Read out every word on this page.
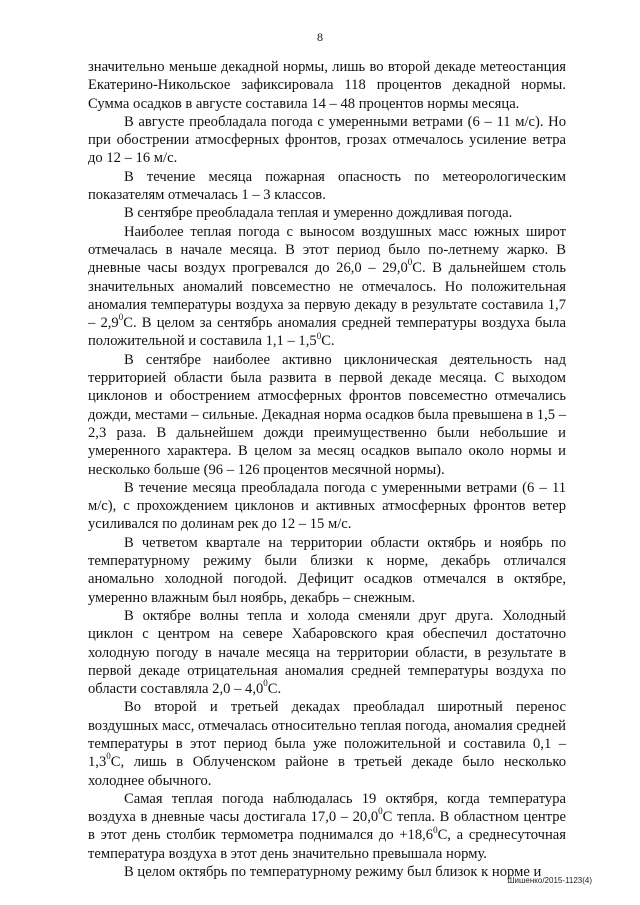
8

значительно меньше декадной нормы, лишь во второй декаде метеостанция Екатерино-Никольское зафиксировала 118 процентов декадной нормы. Сумма осадков в августе составила 14 – 48 процентов нормы месяца.

В августе преобладала погода с умеренными ветрами (6 – 11 м/с). Но при обострении атмосферных фронтов, грозах отмечалось усиление ветра до 12 – 16 м/с.

В течение месяца пожарная опасность по метеорологическим показателям отмечалась 1 – 3 классов.

В сентябре преобладала теплая и умеренно дождливая погода.

Наиболее теплая погода с выносом воздушных масс южных широт отмечалась в начале месяца. В этот период было по-летнему жарко. В дневные часы воздух прогревался до 26,0 – 29,0$^0$С. В дальнейшем столь значительных аномалий повсеместно не отмечалось. Но положительная аномалия температуры воздуха за первую декаду в результате составила $1,7 - 2,9^0С$. В целом за сентябрь аномалия средней температуры воздуха была положительной и составила $1,1 - 1,5^0С$.

В сентябре наиболее активно циклоническая деятельность над территорией области была развита в первой декаде месяца. С выходом циклонов и обострением атмосферных фронтов повсеместно отмечались дожди, местами – сильные. Декадная норма осадков была превышена в 1,5 – 2,3 раза. В дальнейшем дожди преимущественно были небольшие и умеренного характера. В целом за месяц осадков выпало около нормы и несколько больше (96 – 126 процентов месячной нормы).

В течение месяца преобладала погода с умеренными ветрами (6 – 11 м/с), с прохождением циклонов и активных атмосферных фронтов ветер усиливался по долинам рек до 12 – 15 м/с.

В четветом квартале на территории области октябрь и ноябрь по температурному режиму были близки к норме, декабрь отличался аномально холодной погодой. Дефицит осадков отмечался в октябре, умеренно влажным был ноябрь, декабрь – снежным.

В октябре волны тепла и холода сменяли друг друга. Холодный циклон с центром на севере Хабаровского края обеспечил достаточно холодную погоду в начале месяца на территории области, в результате в первой декаде отрицательная аномалия средней температуры воздуха по области составляла $2,0 - 4,0^0С$.

Во второй и третьей декадах преобладал широтный перенос воздушных масс, отмечалась относительно теплая погода, аномалия средней температуры в этот период была уже положительной и составила $0,1 - 1,3^0С$, лишь в Облученском районе в третьей декаде было несколько холоднее обычного.

Самая теплая погода наблюдалась 19 октября, когда температура воздуха в дневные часы достигала 17,0 – 20,0$^0$С тепла. В областном центре в этот день столбик термометра поднимался до $+18,6^0С$, а среднесуточная температура воздуха в этот день значительно превышала норму.

В целом октябрь по температурному режиму был близок к норме и

Шишенко/2015-1123(4)
